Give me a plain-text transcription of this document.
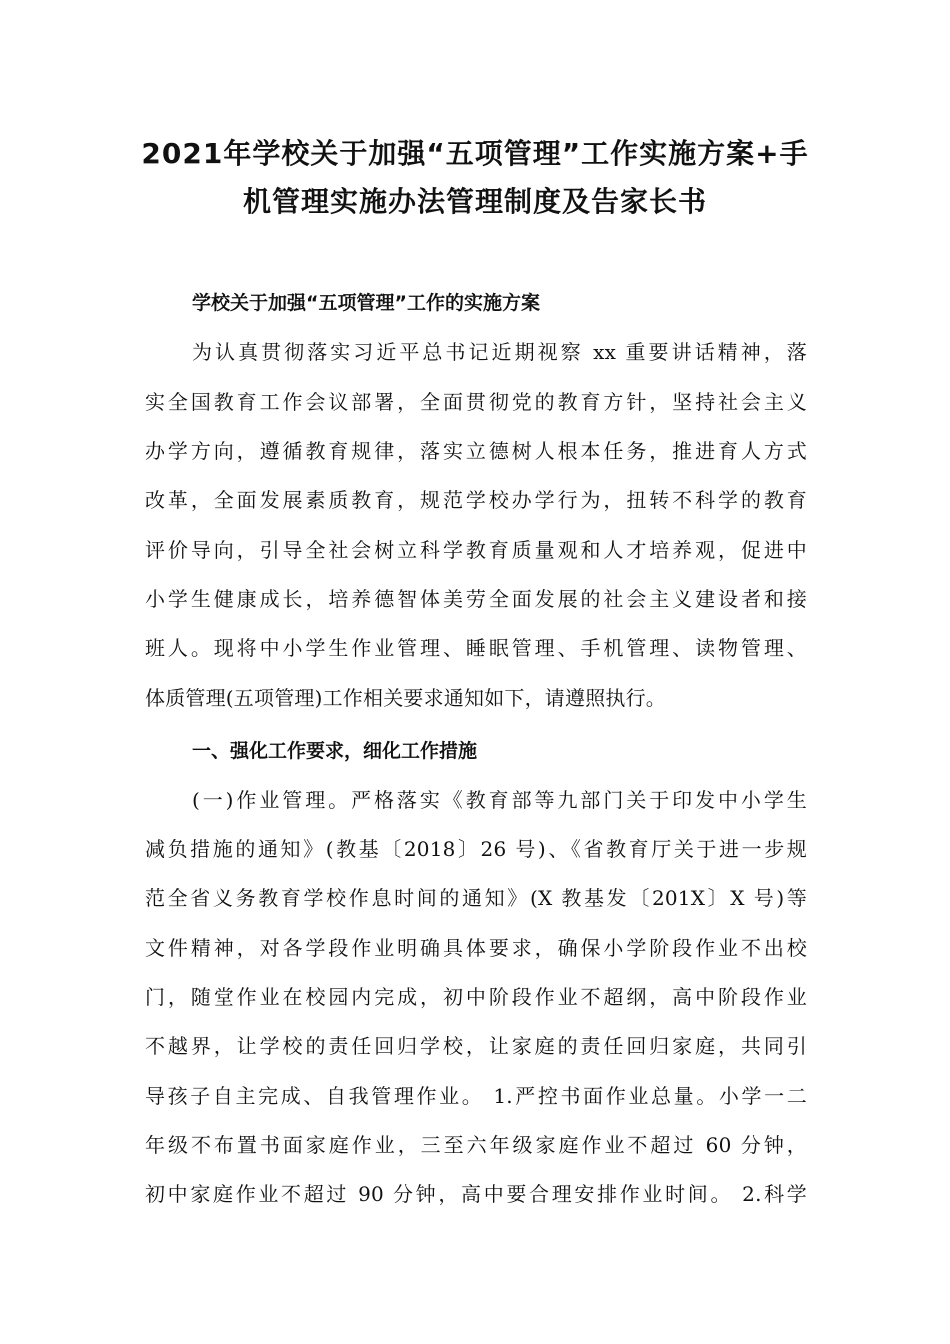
2021年学校关于加强“五项管理”工作实施方案+手
机管理实施办法管理制度及告家长书
学校关于加强“五项管理”工作的实施方案
为认真贯彻落实习近平总书记近期视察 xx 重要讲话精神，落
实全国教育工作会议部署，全面贯彻党的教育方针，坚持社会主义
办学方向，遵循教育规律，落实立德树人根本任务，推进育人方式
改革，全面发展素质教育，规范学校办学行为，扭转不科学的教育
评价导向，引导全社会树立科学教育质量观和人才培养观，促进中
小学生健康成长，培养德智体美劳全面发展的社会主义建设者和接
班人。现将中小学生作业管理、睡眠管理、手机管理、读物管理、
体质管理(五项管理)工作相关要求通知如下，请遵照执行。
一、强化工作要求，细化工作措施
(一)作业管理。严格落实《教育部等九部门关于印发中小学生
减负措施的通知》(教基〔2018〕26 号)、《省教育厅关于进一步规
范全省义务教育学校作息时间的通知》(X 教基发〔201X〕X 号)等
文件精神，对各学段作业明确具体要求，确保小学阶段作业不出校
门，随堂作业在校园内完成，初中阶段作业不超纲，高中阶段作业
不越界，让学校的责任回归学校，让家庭的责任回归家庭，共同引
导孩子自主完成、自我管理作业。 1.严控书面作业总量。小学一二
年级不布置书面家庭作业，三至六年级家庭作业不超过 60 分钟，
初中家庭作业不超过 90 分钟，高中要合理安排作业时间。 2.科学
